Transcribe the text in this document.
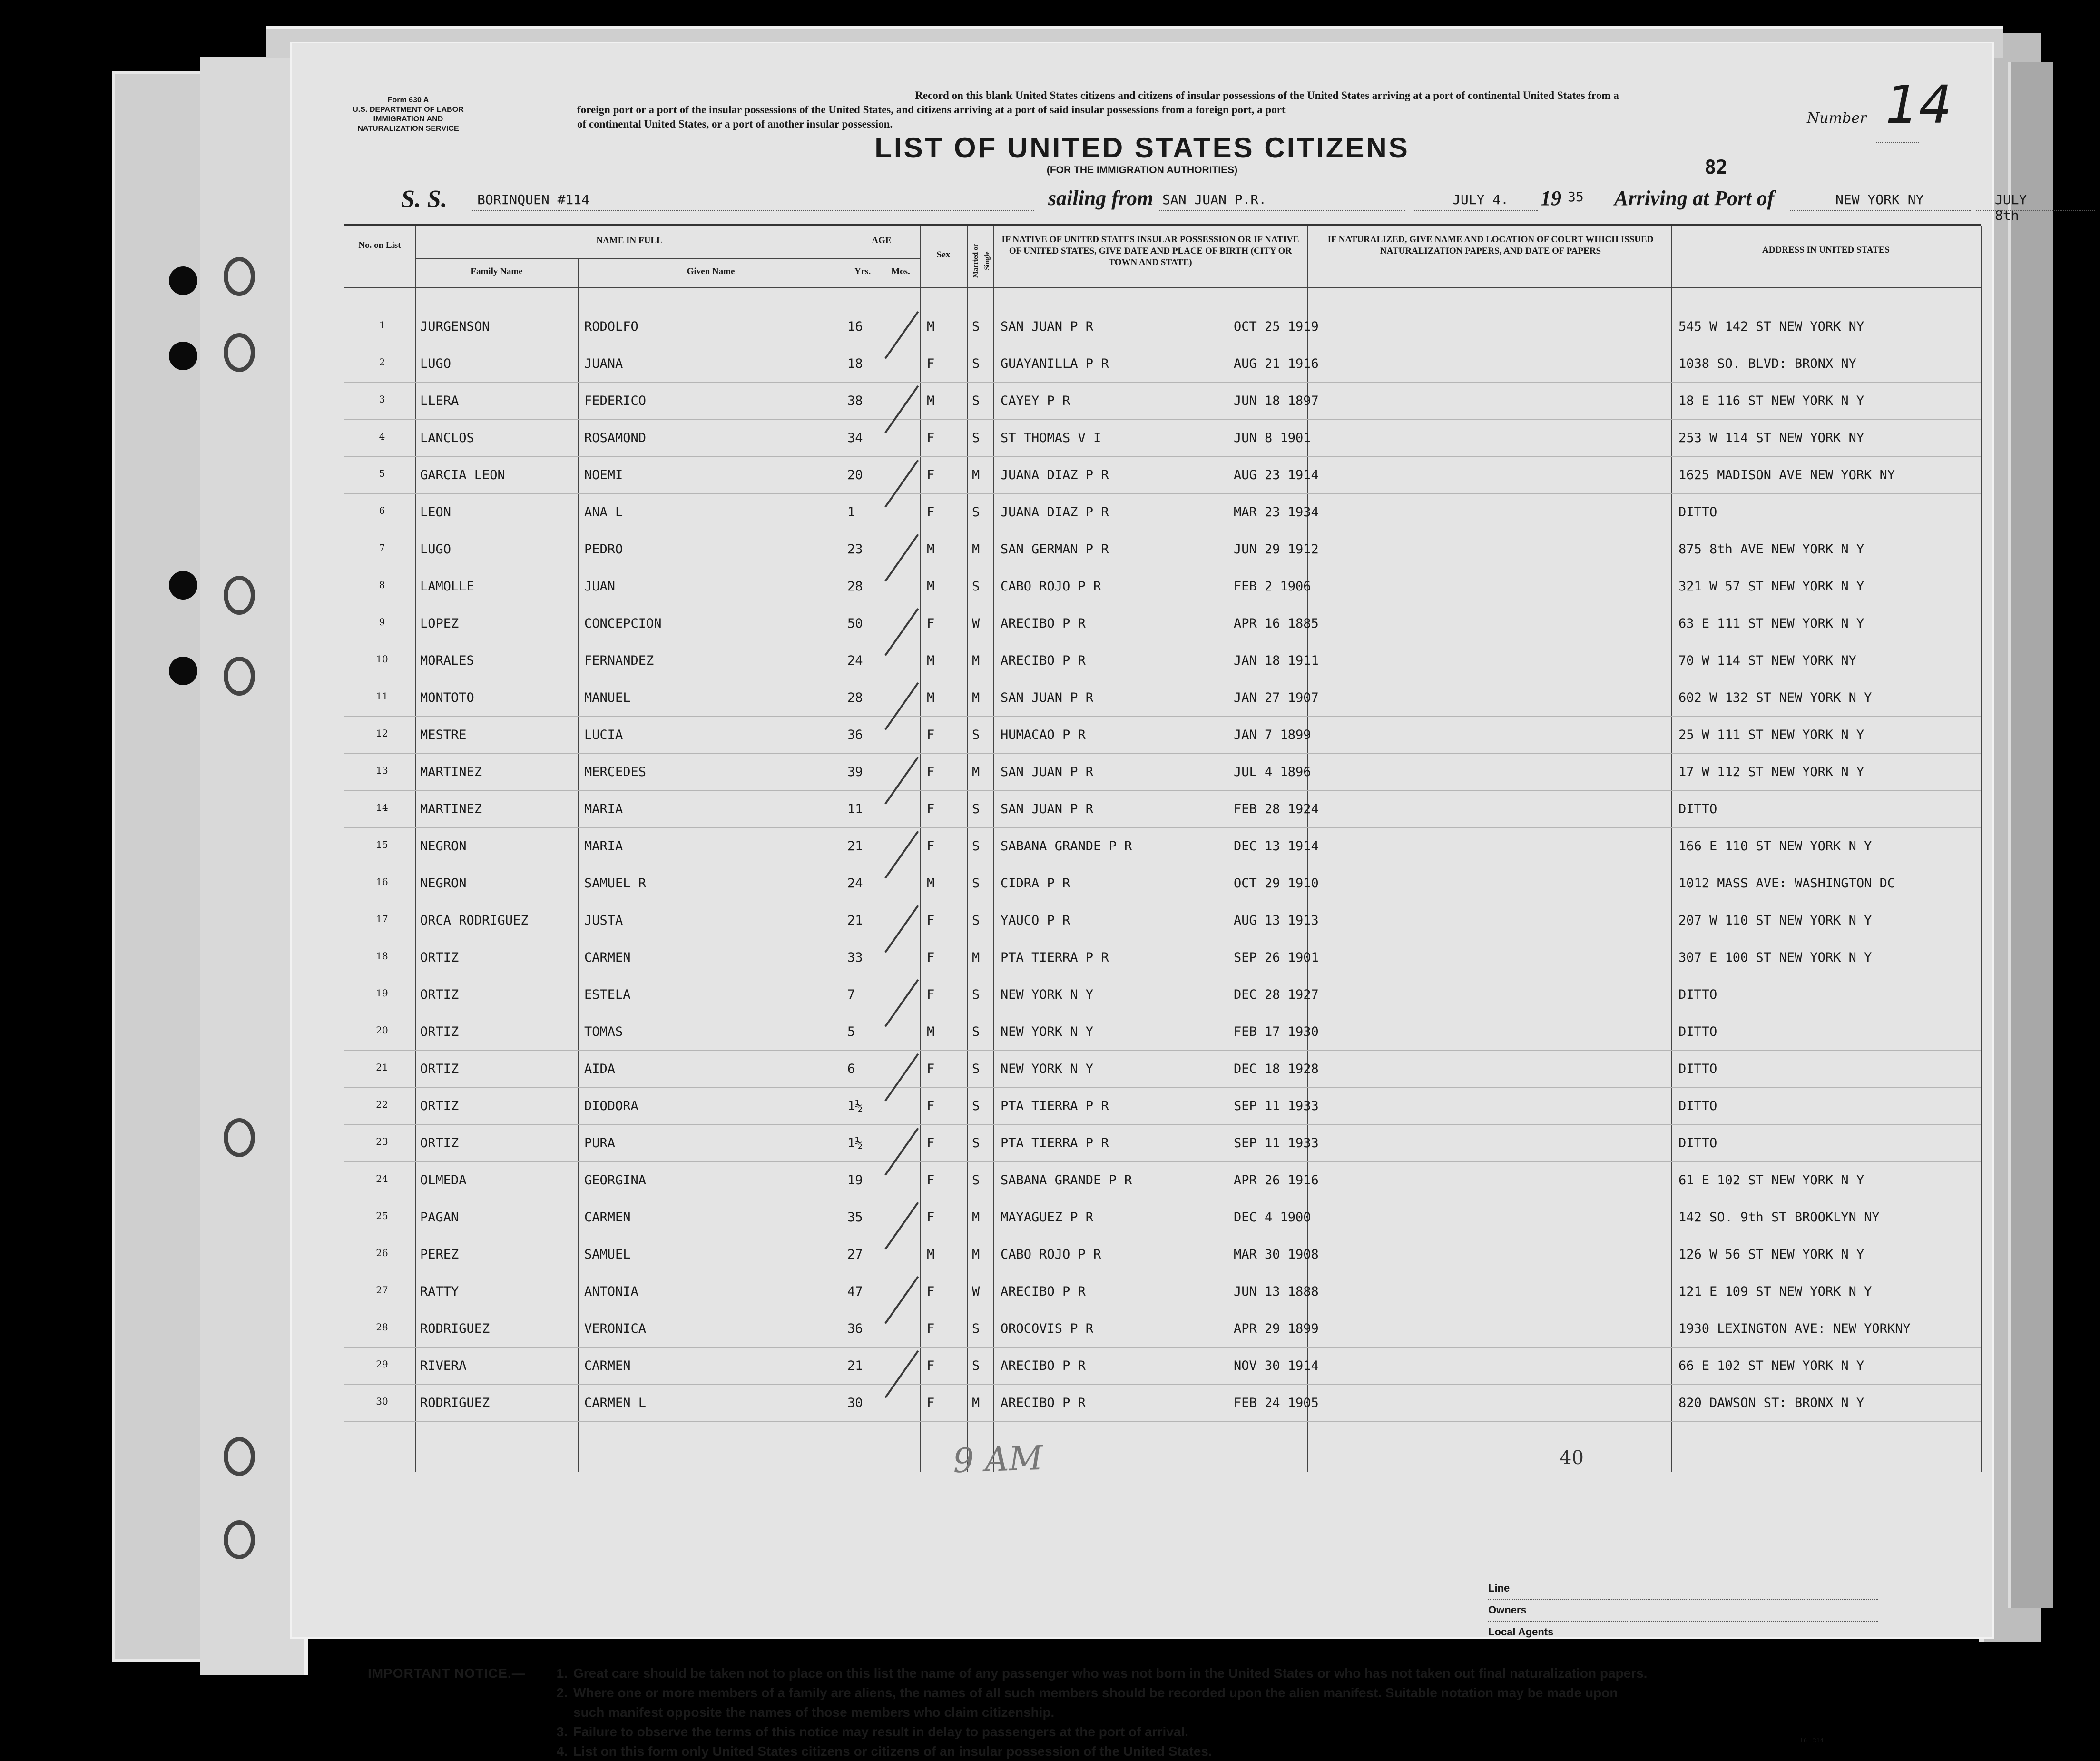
Form 630 A
U.S. DEPARTMENT OF LABOR
IMMIGRATION AND
NATURALIZATION SERVICE
Record on this blank United States citizens and citizens of insular possessions of the United States arriving at a port of continental United States from a
foreign port or a port of the insular possessions of the United States, and citizens arriving at a port of said insular possessions from a foreign port, a port
of continental United States, or a port of another insular possession.	Number 14
LIST OF UNITED STATES CITIZENS
(FOR THE IMMIGRATION AUTHORITIES)	82
S. S. BORINQUEN #114	sailing from SAN JUAN P.R.	JULY 4. 19 35 Arriving at Port of	NEW YORK NY	JULY 8th
No. on List	NAME IN FULL
Family Name	Given Name
AGE
Yrs.	Mos.
Sex	Married or Single
IF NATIVE OF UNITED STATES INSULAR POSSESSION OR IF NATIVE OF UNITED STATES, GIVE DATE AND PLACE OF BIRTH (CITY OR TOWN AND STATE)
IF NATURALIZED, GIVE NAME AND LOCATION OF COURT WHICH ISSUED NATURALIZATION PAPERS, AND DATE OF PAPERS	ADDRESS IN UNITED STATES
1	JURGENSON	RODOLFO	16	M	S SAN JUAN P R	OCT 25 1919	545 W 142 ST NEW YORK NY
2	LUGO	JUANA	18	F	S GUAYANILLA P R	AUG 21 1916	1038 SO. BLVD: BRONX NY
3	LLERA	FEDERICO	38	M	S CAYEY P R	JUN 18 1897	18 E 116 ST NEW YORK N Y
4	LANCLOS	ROSAMOND	34	F	S ST THOMAS V I	JUN 8 1901	253 W 114 ST NEW YORK NY
5	GARCIA LEON	NOEMI	20	F	M JUANA DIAZ P R	AUG 23 1914	1625 MADISON AVE NEW YORK NY
6	LEON	ANA L	1	F	S JUANA DIAZ P R	MAR 23 1934	DITTO
7	LUGO	PEDRO	23	M	M SAN GERMAN P R	JUN 29 1912	875 8th AVE NEW YORK N Y
8	LAMOLLE	JUAN	28	M	S CABO ROJO P R	FEB 2 1906	321 W 57 ST NEW YORK N Y
9	LOPEZ	CONCEPCION	50	F	W ARECIBO P R	APR 16 1885	63 E 111 ST NEW YORK N Y
10	MORALES	FERNANDEZ	24	M	M ARECIBO P R	JAN 18 1911	70 W 114 ST NEW YORK NY
11	MONTOTO	MANUEL	28	M	M SAN JUAN P R	JAN 27 1907	602 W 132 ST NEW YORK N Y
12	MESTRE	LUCIA	36	F	S HUMACAO P R	JAN 7 1899	25 W 111 ST NEW YORK N Y
13	MARTINEZ	MERCEDES	39	F	M SAN JUAN P R	JUL 4 1896	17 W 112 ST NEW YORK N Y
14	MARTINEZ	MARIA	11	F	S SAN JUAN P R	FEB 28 1924	DITTO
15	NEGRON	MARIA	21	F	S SABANA GRANDE P R	DEC 13 1914	166 E 110 ST NEW YORK N Y
16	NEGRON	SAMUEL R	24	M	S CIDRA P R	OCT 29 1910	1012 MASS AVE: WASHINGTON DC
17	ORCA RODRIGUEZ	JUSTA	21	F	S YAUCO P R	AUG 13 1913	207 W 110 ST NEW YORK N Y
18	ORTIZ	CARMEN	33	F	M PTA TIERRA P R	SEP 26 1901	307 E 100 ST NEW YORK N Y
19	ORTIZ	ESTELA	7	F	S NEW YORK N Y	DEC 28 1927	DITTO
20	ORTIZ	TOMAS	5	M	S NEW YORK N Y	FEB 17 1930	DITTO
21	ORTIZ	AIDA	6	F	S NEW YORK N Y	DEC 18 1928	DITTO
22	ORTIZ	DIODORA	1½	F	S PTA TIERRA P R	SEP 11 1933	DITTO
23	ORTIZ	PURA	1½	F	S PTA TIERRA P R	SEP 11 1933	DITTO
24	OLMEDA	GEORGINA	19	F	S SABANA GRANDE P R	APR 26 1916	61 E 102 ST NEW YORK N Y
25	PAGAN	CARMEN	35	F	M MAYAGUEZ P R	DEC 4 1900	142 SO. 9th ST BROOKLYN NY
26	PEREZ	SAMUEL	27	M	M CABO ROJO P R	MAR 30 1908	126 W 56 ST NEW YORK N Y
27	RATTY	ANTONIA	47	F	W ARECIBO P R	JUN 13 1888	121 E 109 ST NEW YORK N Y
28	RODRIGUEZ	VERONICA	36	F	S OROCOVIS P R	APR 29 1899	1930 LEXINGTON AVE: NEW YORKNY
29	RIVERA	CARMEN	21	F	S ARECIBO P R	NOV 30 1914	66 E 102 ST NEW YORK N Y
30	RODRIGUEZ	CARMEN L	30	F	M ARECIBO P R	FEB 24 1905	820 DAWSON ST: BRONX N Y
9 AM	40
Line
Owners
Local Agents
IMPORTANT NOTICE.—	1. Great care should be taken not to place on this list the name of any passenger who was not born in the United States or who has not taken out final naturalization papers.
2. Where one or more members of a family are aliens, the names of all such members should be recorded upon the alien manifest. Suitable notation may be made upon
such manifest opposite the names of those members who claim citizenship.
3. Failure to observe the terms of this notice may result in delay to passengers at the port of arrival.
4. List on this form only United States citizens or citizens of an insular possession of the United States.
16—214
